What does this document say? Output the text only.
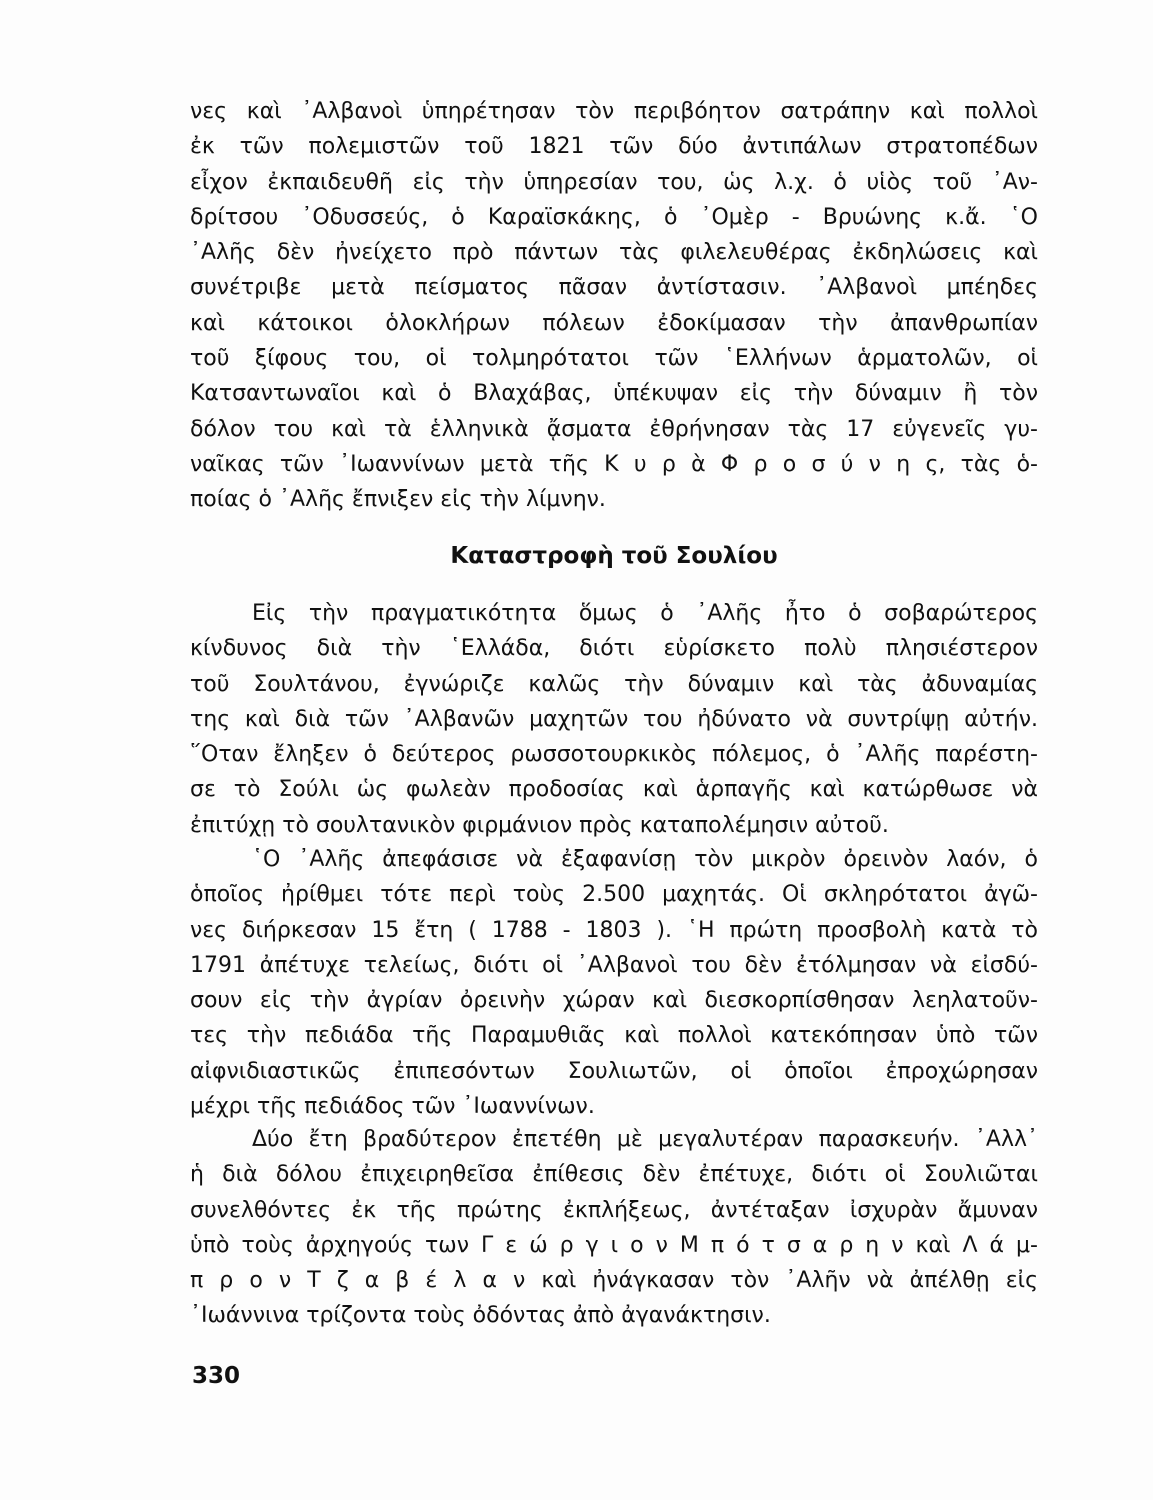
νες καὶ ᾿Αλβανοὶ ὑπηρέτησαν τὸν περιβόητον σατράπην καὶ πολλοὶ
ἐκ τῶν πολεμιστῶν τοῦ 1821 τῶν δύο ἀντιπάλων στρατοπέδων
εἶχον ἐκπαιδευθῆ εἰς τὴν ὑπηρεσίαν του, ὡς λ.χ. ὁ υἱὸς τοῦ ᾿Αν-
δρίτσου ᾿Οδυσσεύς, ὁ Καραϊσκάκης, ὁ ᾿Ομὲρ - Βρυώνης κ.ἄ. ῾Ο
᾿Αλῆς δὲν ἠνείχετο πρὸ πάντων τὰς φιλελευθέρας ἐκδηλώσεις καὶ
συνέτριβε μετὰ πείσματος πᾶσαν ἀντίστασιν. ᾿Αλβανοὶ μπέηδες
καὶ κάτοικοι ὁλοκλήρων πόλεων ἐδοκίμασαν τὴν ἀπανθρωπίαν
τοῦ ξίφους του, οἱ τολμηρότατοι τῶν ῾Ελλήνων ἁρματολῶν, οἱ
Κατσαντωναῖοι καὶ ὁ Βλαχάβας, ὑπέκυψαν εἰς τὴν δύναμιν ἢ τὸν
δόλον του καὶ τὰ ἑλληνικὰ ᾄσματα ἐθρήνησαν τὰς 17 εὐγενεῖς γυ-
ναῖκας τῶν ᾿Ιωαννίνων μετὰ τῆς Κ υ ρ ὰ Φ ρ ο σ ύ ν η ς, τὰς ὁ-
ποίας ὁ ᾿Αλῆς ἔπνιξεν εἰς τὴν λίμνην.
Καταστροφὴ τοῦ Σουλίου
Εἰς τὴν πραγματικότητα ὅμως ὁ ᾿Αλῆς ἦτο ὁ σοβαρώτερος
κίνδυνος διὰ τὴν ῾Ελλάδα, διότι εὑρίσκετο πολὺ πλησιέστερον
τοῦ Σουλτάνου, ἐγνώριζε καλῶς τὴν δύναμιν καὶ τὰς ἀδυναμίας
της καὶ διὰ τῶν ᾿Αλβανῶν μαχητῶν του ἠδύνατο νὰ συντρίψῃ αὐτήν.
῞Οταν ἔληξεν ὁ δεύτερος ρωσσοτουρκικὸς πόλεμος, ὁ ᾿Αλῆς παρέστη-
σε τὸ Σούλι ὡς φωλεὰν προδοσίας καὶ ἁρπαγῆς καὶ κατώρθωσε νὰ
ἐπιτύχῃ τὸ σουλτανικὸν φιρμάνιον πρὸς καταπολέμησιν αὐτοῦ.
῾Ο ᾿Αλῆς ἀπεφάσισε νὰ ἐξαφανίσῃ τὸν μικρὸν ὀρεινὸν λαόν, ὁ
ὁποῖος ἠρίθμει τότε περὶ τοὺς 2.500 μαχητάς. Οἱ σκληρότατοι ἀγῶ-
νες διήρκεσαν 15 ἔτη ( 1788 - 1803 ). ῾Η πρώτη προσβολὴ κατὰ τὸ
1791 ἀπέτυχε τελείως, διότι οἱ ᾿Αλβανοὶ του δὲν ἐτόλμησαν νὰ εἰσδύ-
σουν εἰς τὴν ἀγρίαν ὀρεινὴν χώραν καὶ διεσκορπίσθησαν λεηλατοῦν-
τες τὴν πεδιάδα τῆς Παραμυθιᾶς καὶ πολλοὶ κατεκόπησαν ὑπὸ τῶν
αἰφνιδιαστικῶς ἐπιπεσόντων Σουλιωτῶν, οἱ ὁποῖοι ἐπροχώρησαν
μέχρι τῆς πεδιάδος τῶν ᾿Ιωαννίνων.
Δύο ἔτη βραδύτερον ἐπετέθη μὲ μεγαλυτέραν παρασκευήν. ᾿Αλλ᾿
ἡ διὰ δόλου ἐπιχειρηθεῖσα ἐπίθεσις δὲν ἐπέτυχε, διότι οἱ Σουλιῶται
συνελθόντες ἐκ τῆς πρώτης ἐκπλήξεως, ἀντέταξαν ἰσχυρὰν ἄμυναν
ὑπὸ τοὺς ἀρχηγούς των Γ ε ώ ρ γ ι ο ν Μ π ό τ σ α ρ η ν καὶ Λ ά μ-
π ρ ο ν Τ ζ α β έ λ α ν καὶ ἠνάγκασαν τὸν ᾿Αλῆν νὰ ἀπέλθῃ εἰς
᾿Ιωάννινα τρίζοντα τοὺς ὀδόντας ἀπὸ ἀγανάκτησιν.
330
